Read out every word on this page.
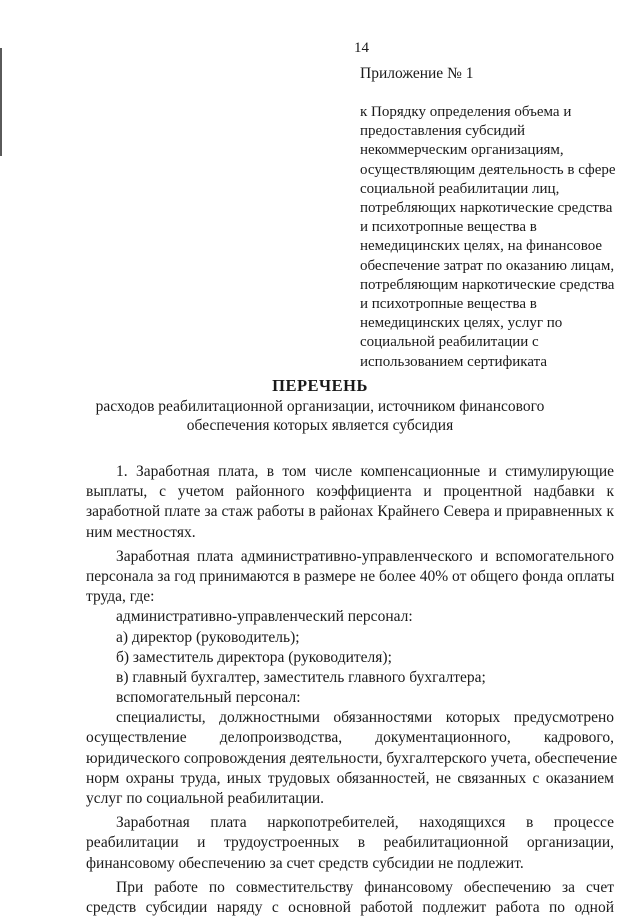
14
Приложение № 1
к Порядку определения объема и
предоставления субсидий
некоммерческим организациям,
осуществляющим деятельность в сфере
социальной реабилитации лиц,
потребляющих наркотические средства
и психотропные вещества в
немедицинских целях, на финансовое
обеспечение затрат по оказанию лицам,
потребляющим наркотические средства
и психотропные вещества в
немедицинских целях, услуг по
социальной реабилитации с
использованием сертификата
ПЕРЕЧЕНЬ
расходов реабилитационной организации, источником финансового
обеспечения которых является субсидия
1. Заработная плата, в том числе компенсационные и стимулирующие
выплаты, с учетом районного коэффициента и процентной надбавки к
заработной плате за стаж работы в районах Крайнего Севера и приравненных к
ним местностях.
Заработная плата административно-управленческого и вспомогательного
персонала за год принимаются в размере не более 40% от общего фонда оплаты
труда, где:
административно-управленческий персонал:
а) директор (руководитель);
б) заместитель директора (руководителя);
в) главный бухгалтер, заместитель главного бухгалтера;
вспомогательный персонал:
специалисты, должностными обязанностями которых предусмотрено
осуществление делопроизводства, документационного, кадрового,
юридического сопровождения деятельности, бухгалтерского учета, обеспечение
норм охраны труда, иных трудовых обязанностей, не связанных с оказанием
услуг по социальной реабилитации.
Заработная плата наркопотребителей, находящихся в процессе
реабилитации и трудоустроенных в реабилитационной организации,
финансовому обеспечению за счет средств субсидии не подлежит.
При работе по совместительству финансовому обеспечению за счет
средств субсидии наряду с основной работой подлежит работа по одной
